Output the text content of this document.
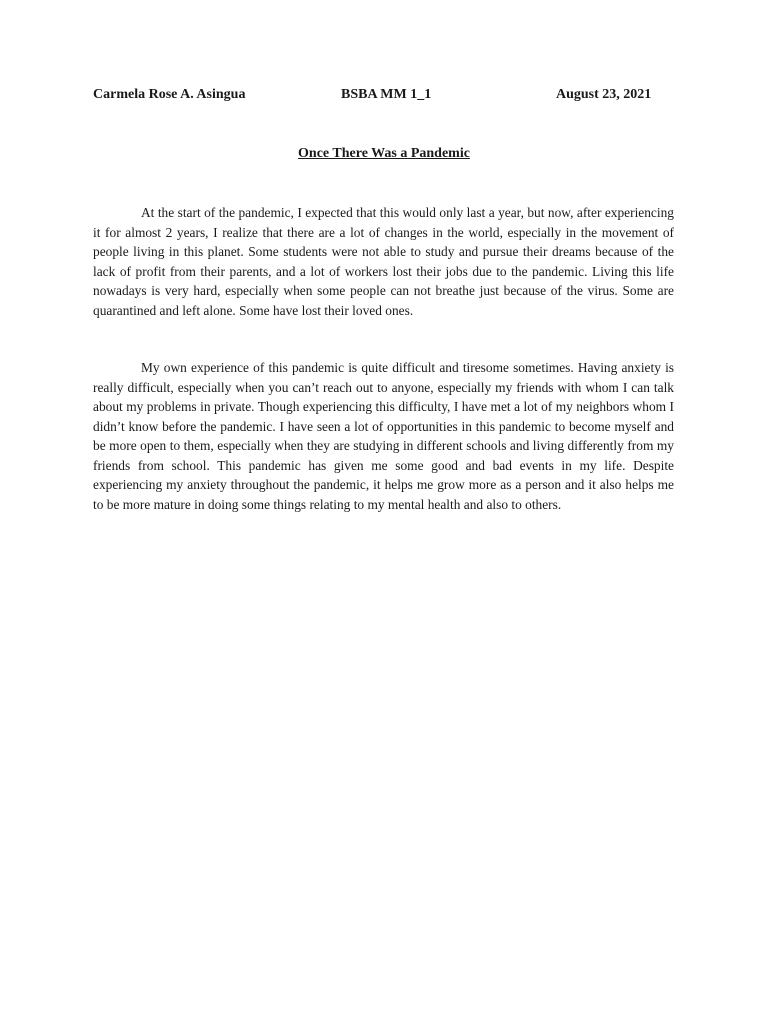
Carmela Rose A. Asingua	BSBA MM 1_1	August 23, 2021
Once There Was a Pandemic

At the start of the pandemic, I expected that this would only last a year, but now, after experiencing it for almost 2 years, I realize that there are a lot of changes in the world, especially in the movement of people living in this planet. Some students were not able to study and pursue their dreams because of the lack of profit from their parents, and a lot of workers lost their jobs due to the pandemic. Living this life nowadays is very hard, especially when some people can not breathe just because of the virus. Some are quarantined and left alone. Some have lost their loved ones.

My own experience of this pandemic is quite difficult and tiresome sometimes. Having anxiety is really difficult, especially when you can’t reach out to anyone, especially my friends with whom I can talk about my problems in private. Though experiencing this difficulty, I have met a lot of my neighbors whom I didn’t know before the pandemic. I have seen a lot of opportunities in this pandemic to become myself and be more open to them, especially when they are studying in different schools and living differently from my friends from school. This pandemic has given me some good and bad events in my life. Despite experiencing my anxiety throughout the pandemic, it helps me grow more as a person and it also helps me to be more mature in doing some things relating to my mental health and also to others.
